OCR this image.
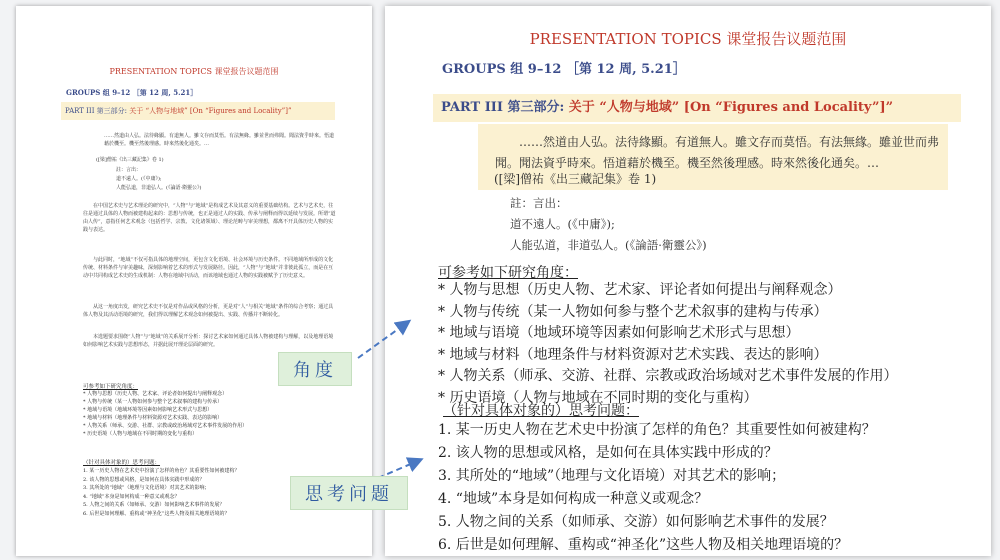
PRESENTATION TOPICS 课堂报告议题范围
GROUPS 组 9–12 ［第 12 周, 5.21］
PART III 第三部分: 关于 “人物与地域” [On “Figures and Locality”]”
……然道由人弘。法待緣顯。有道無人。雖文存而莫悟。有法無緣。雖並世而弗聞。聞法資乎時來。悟道藉於機至。機至然後理感。時來然後化通矣。…
([梁]僧祐《出三藏記集》卷 1)
註：言出：
道不遠人。(《中庸》);
人能弘道，非道弘人。(《論語·衛靈公》)
在中国艺术史与艺术理论的研究中，“人物”与“地域”是构成艺术及其意义的重要基础结构。艺术与艺术史，往往是通过具体的人物而被建构起来的：思想与传统，也正是通过人的实践、传承与阐释而得以延续与发展。所谓“道由人传”，意指任何艺术观念（包括哲学、宗教、文化诸领域）、理论范畴与审美理想，都离不开具体历史人物的实践与表达。
与此同时，“地域”不仅可指具体的地理空间，更包含文化语境、社会环境与历史条件。不同地域所形成的文化传统、材料条件与审美趣味，深刻影响着艺术的形式与发展路径。因此，“人物”与“地域”并非彼此孤立，而是在互动中共同构成艺术史的生成机制：人物在地域中活动，而该地域也通过人物的实践被赋予了历史意义。
从这一角度出发，研究艺术史不仅是对作品或风格的分析，更是对“人”与相关“地域”条件的综合考察；通过具体人物及其活动语境的研究，我们得以理解艺术观念如何被提出、实践、传播并不断转化。
本选题要求围绕“人物”与“地域”的关系展开分析：探讨艺术家如何通过具体人物被建构与理解，以及地理语境如何影响艺术实践与思想形态，并据此展开理论层面的研究。
可参考如下研究角度：
* 人物与思想（历史人物、艺术家、评论者如何提出与阐释观念）
* 人物与传统（某一人物如何参与整个艺术叙事的建构与传承）
* 地域与语境（地域环境等因素如何影响艺术形式与思想）
* 地域与材料（地理条件与材料资源对艺术实践、表达的影响）
* 人物关系（师承、交游、社群、宗教或政治场域对艺术事件发展的作用）
* 历史语境（人物与地域在不同时期的变化与重构）
（针对具体对象的）思考问题：
1. 某一历史人物在艺术史中扮演了怎样的角色？其重要性如何被建构？
2. 该人物的思想或风格，是如何在具体实践中形成的？
3. 其所处的“地域”（地理与文化语境）对其艺术的影响；
4. “地域”本身是如何构成一种意义或观念？
5. 人物之间的关系（如师承、交游）如何影响艺术事件的发展？
6. 后世是如何理解、重构或“神圣化”这些人物及相关地理语境的？
PRESENTATION TOPICS 课堂报告议题范围
GROUPS 组 9–12 ［第 12 周, 5.21］
PART III 第三部分: 关于 “人物与地域” [On “Figures and Locality”]”
……然道由人弘。法待緣顯。有道無人。雖文存而莫悟。有法無緣。雖並世而弗聞。聞法資乎時來。悟道藉於機至。機至然後理感。時來然後化通矣。…
([梁]僧祐《出三藏記集》卷 1)
註：言出：
道不遠人。(《中庸》);
人能弘道，非道弘人。(《論語·衛靈公》)
可参考如下研究角度：
* 人物与思想（历史人物、艺术家、评论者如何提出与阐释观念）
* 人物与传统（某一人物如何参与整个艺术叙事的建构与传承）
* 地域与语境（地域环境等因素如何影响艺术形式与思想）
* 地域与材料（地理条件与材料资源对艺术实践、表达的影响）
* 人物关系（师承、交游、社群、宗教或政治场域对艺术事件发展的作用）
* 历史语境（人物与地域在不同时期的变化与重构）
（针对具体对象的）思考问题：
1. 某一历史人物在艺术史中扮演了怎样的角色？其重要性如何被建构？
2. 该人物的思想或风格，是如何在具体实践中形成的？
3. 其所处的“地域”（地理与文化语境）对其艺术的影响；
4. “地域”本身是如何构成一种意义或观念？
5. 人物之间的关系（如师承、交游）如何影响艺术事件的发展？
6. 后世是如何理解、重构或“神圣化”这些人物及相关地理语境的？
角度
思考问题
